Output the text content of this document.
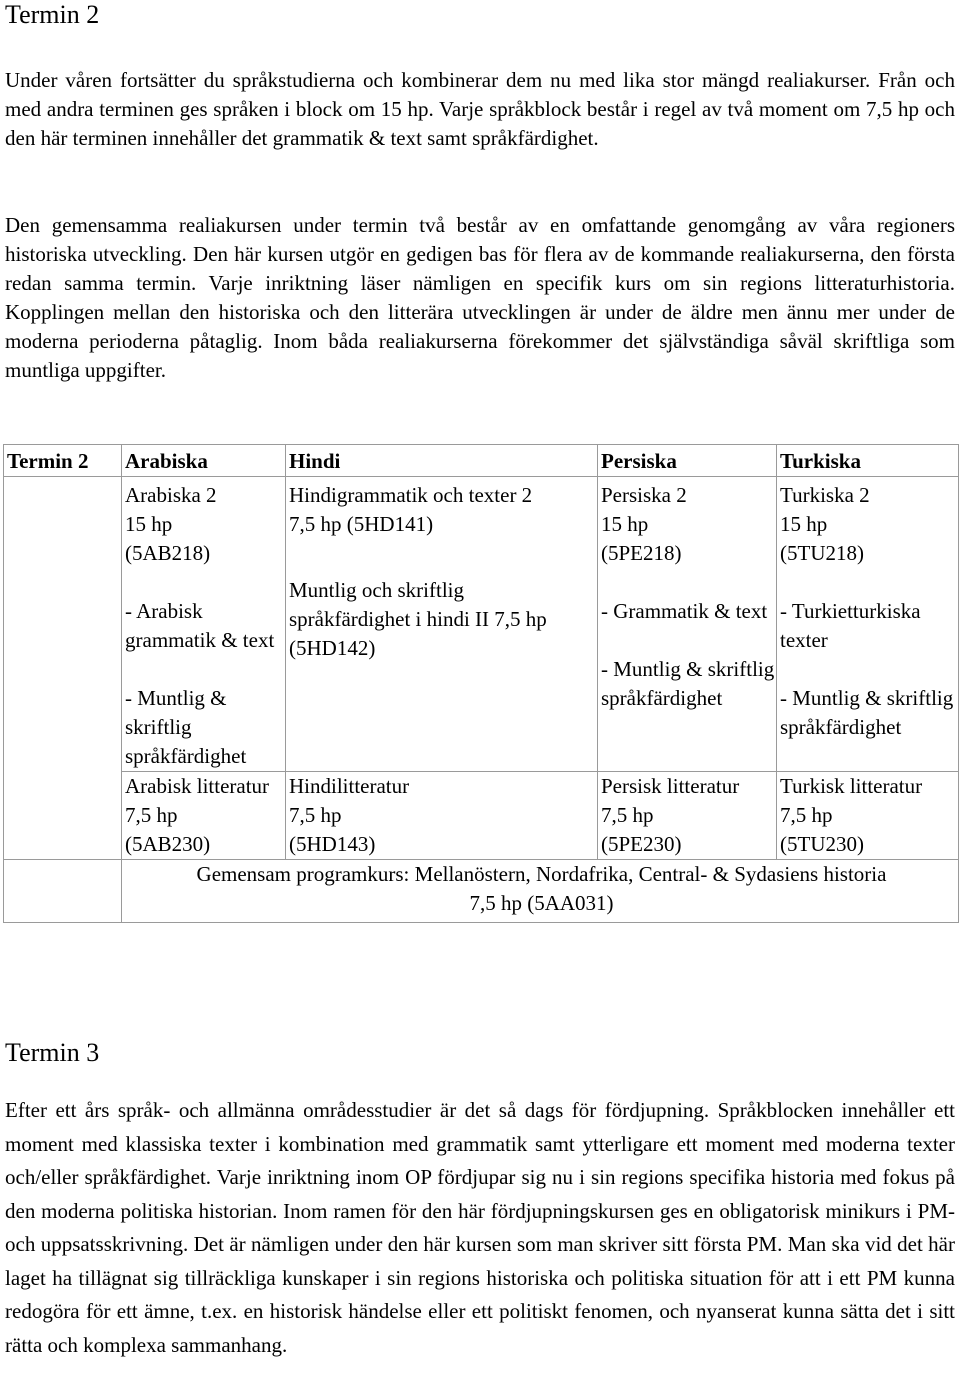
Termin 2

Under våren fortsätter du språkstudierna och kombinerar dem nu med lika stor mängd realiakurser. Från och med andra terminen ges språken i block om 15 hp. Varje språkblock består i regel av två moment om 7,5 hp och den här terminen innehåller det grammatik & text samt språkfärdighet.

Den gemensamma realiakursen under termin två består av en omfattande genomgång av våra regioners historiska utveckling. Den här kursen utgör en gedigen bas för flera av de kommande realiakurserna, den första redan samma termin. Varje inriktning läser nämligen en specifik kurs om sin regions litteraturhistoria. Kopplingen mellan den historiska och den litterära utvecklingen är under de äldre men ännu mer under de moderna perioderna påtaglig. Inom båda realiakurserna förekommer det självständiga såväl skriftliga som muntliga uppgifter.

Termin 2	Arabiska	Hindi	Persiska	Turkiska

	Arabiska 2
15 hp
(5AB218)
- Arabisk grammatik & text
- Muntlig & skriftlig språkfärdighet	Hindigrammatik och texter 2
7,5 hp (5HD141)
Muntlig och skriftlig
språkfärdighet i hindi II 7,5 hp
(5HD142)	Persiska 2
15 hp
(5PE218)
- Grammatik & text
- Muntlig & skriftlig språkfärdighet	Turkiska 2
15 hp
(5TU218)
- Turkietturkiska texter
- Muntlig & skriftlig språkfärdighet

	Arabisk litteratur
7,5 hp
(5AB230)	Hindilitteratur
7,5 hp
(5HD143)	Persisk litteratur
7,5 hp
(5PE230)	Turkisk litteratur
7,5 hp
(5TU230)

	Gemensam programkurs: Mellanöstern, Nordafrika, Central- & Sydasiens historia
7,5 hp (5AA031)			
Termin 3

Efter ett års språk- och allmänna områdesstudier är det så dags för fördjupning. Språkblocken innehåller ett moment med klassiska texter i kombination med grammatik samt ytterligare ett moment med moderna texter och/eller språkfärdighet. Varje inriktning inom OP fördjupar sig nu i sin regions specifika historia med fokus på den moderna politiska historian. Inom ramen för den här fördjupningskursen ges en obligatorisk minikurs i PM- och uppsatsskrivning. Det är nämligen under den här kursen som man skriver sitt första PM. Man ska vid det här laget ha tillägnat sig tillräckliga kunskaper i sin regions historiska och politiska situation för att i ett PM kunna redogöra för ett ämne, t.ex. en historisk händelse eller ett politiskt fenomen, och nyanserat kunna sätta det i sitt rätta och komplexa sammanhang.
